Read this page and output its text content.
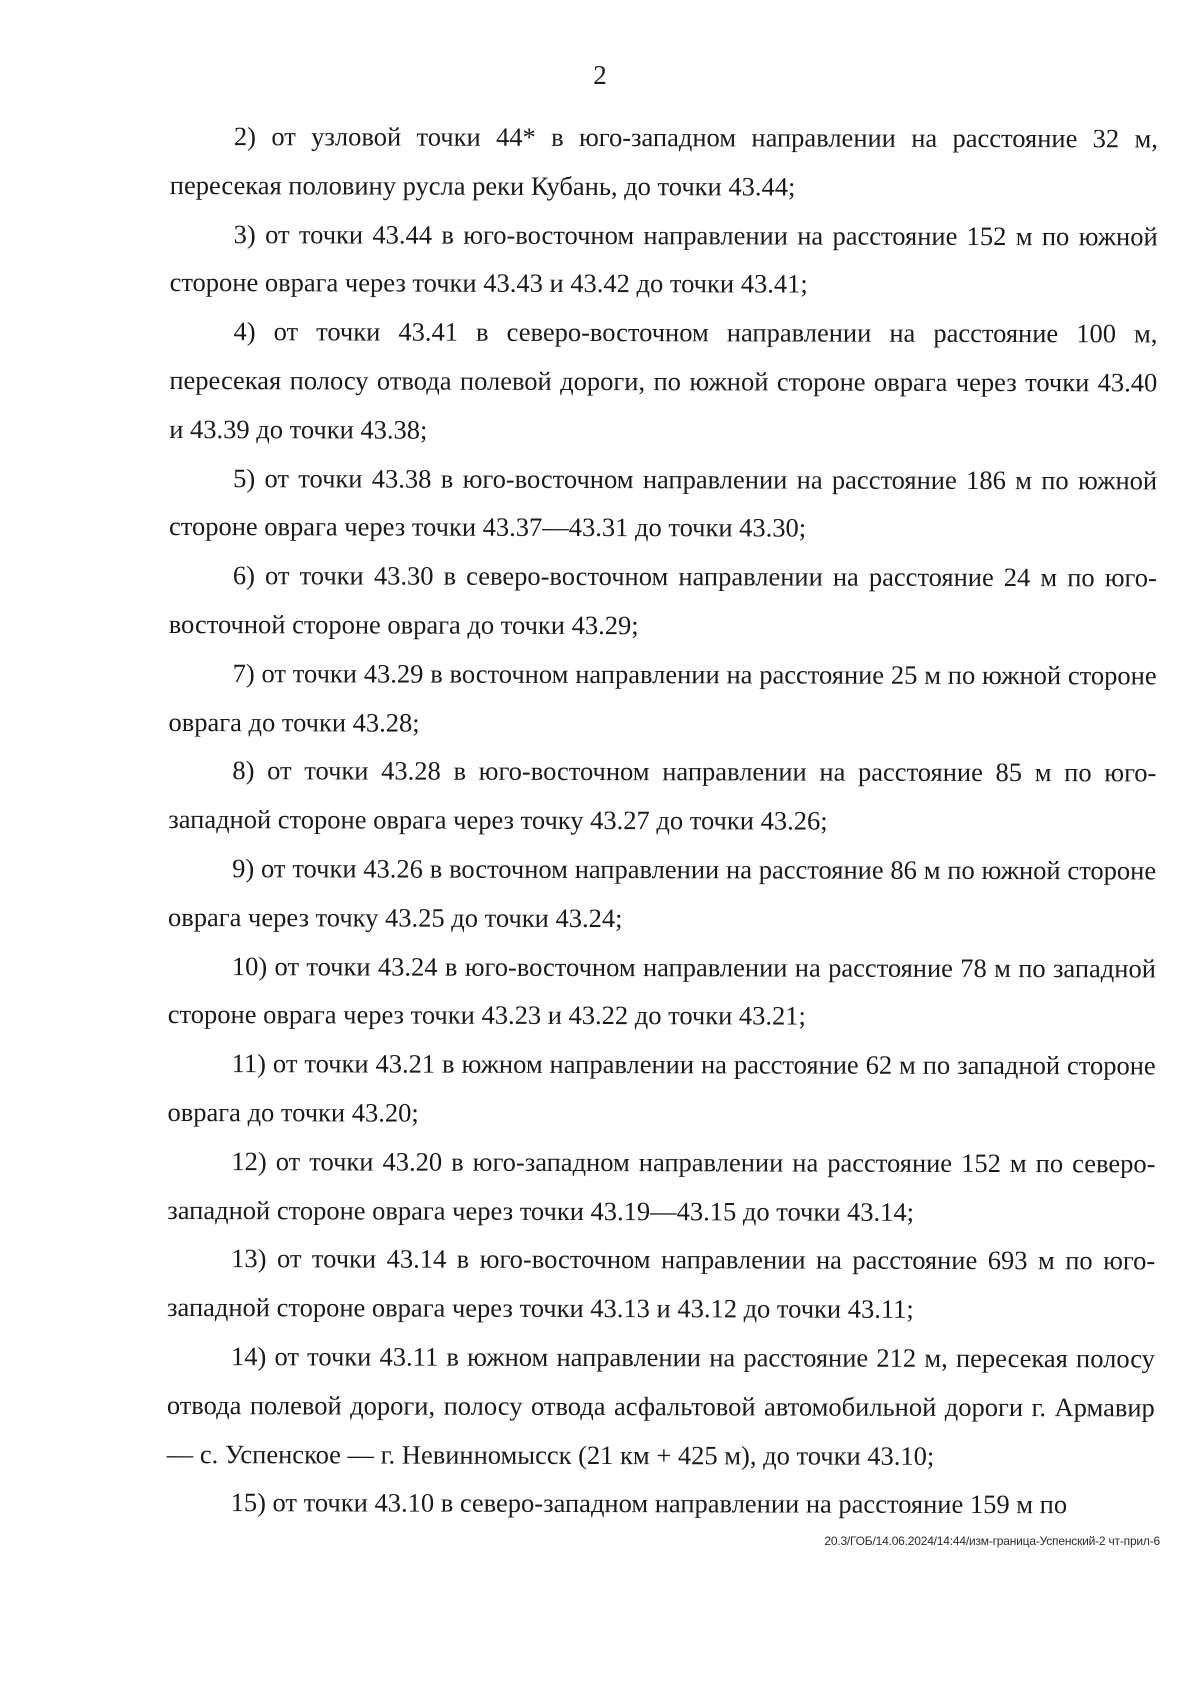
2

2) от узловой точки 44* в юго-западном направлении на расстояние 32 м, пересекая половину русла реки Кубань, до точки 43.44;

3) от точки 43.44 в юго-восточном направлении на расстояние 152 м по южной стороне оврага через точки 43.43 и 43.42 до точки 43.41;

4) от точки 43.41 в северо-восточном направлении на расстояние 100 м, пересекая полосу отвода полевой дороги, по южной стороне оврага через точки 43.40 и 43.39 до точки 43.38;

5) от точки 43.38 в юго-восточном направлении на расстояние 186 м по южной стороне оврага через точки 43.37—43.31 до точки 43.30;

6) от точки 43.30 в северо-восточном направлении на расстояние 24 м по юго-восточной стороне оврага до точки 43.29;

7) от точки 43.29 в восточном направлении на расстояние 25 м по южной стороне оврага до точки 43.28;

8) от точки 43.28 в юго-восточном направлении на расстояние 85 м по юго-западной стороне оврага через точку 43.27 до точки 43.26;

9) от точки 43.26 в восточном направлении на расстояние 86 м по южной стороне оврага через точку 43.25 до точки 43.24;

10) от точки 43.24 в юго-восточном направлении на расстояние 78 м по западной стороне оврага через точки 43.23 и 43.22 до точки 43.21;

11) от точки 43.21 в южном направлении на расстояние 62 м по западной стороне оврага до точки 43.20;

12) от точки 43.20 в юго-западном направлении на расстояние 152 м по северо-западной стороне оврага через точки 43.19—43.15 до точки 43.14;

13) от точки 43.14 в юго-восточном направлении на расстояние 693 м по юго-западной стороне оврага через точки 43.13 и 43.12 до точки 43.11;

14) от точки 43.11 в южном направлении на расстояние 212 м, пересекая полосу отвода полевой дороги, полосу отвода асфальтовой автомобильной дороги г. Армавир — с. Успенское — г. Невинномысск (21 км + 425 м), до точки 43.10;

15) от точки 43.10 в северо-западном направлении на расстояние 159 м по

20.3/ГОБ/14.06.2024/14:44/изм-граница-Успенский-2 чт-прил-6
